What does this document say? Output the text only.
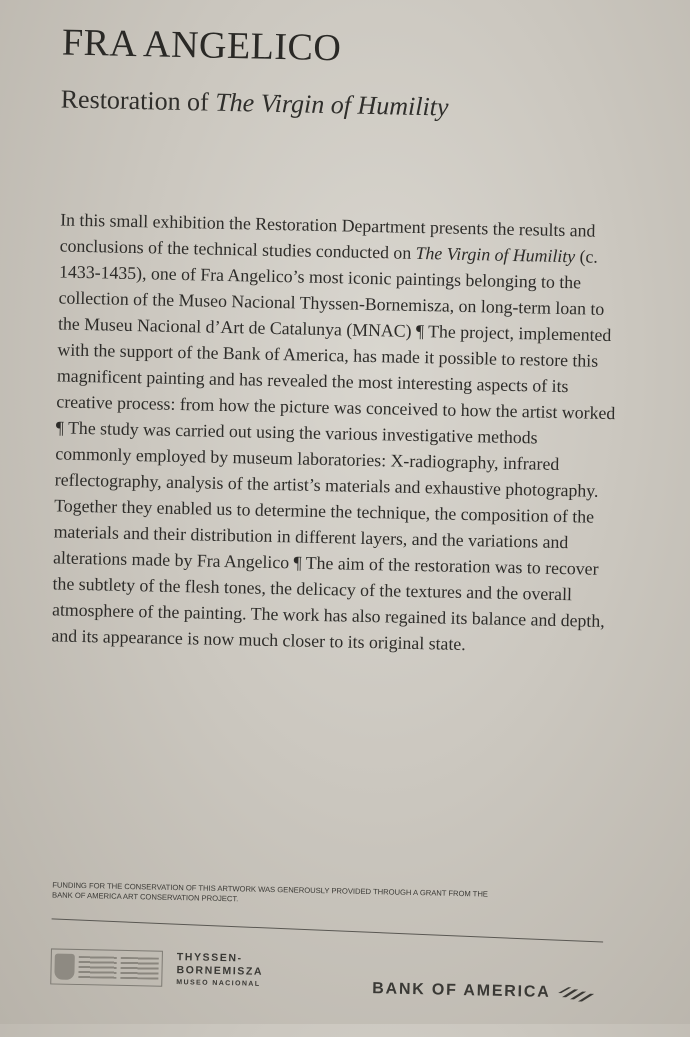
FRA ANGELICO
Restoration of The Virgin of Humility

In this small exhibition the Restoration Department presents the results and conclusions of the technical studies conducted on The Virgin of Humility (c. 1433-1435), one of Fra Angelico’s most iconic paintings belonging to the collection of the Museo Nacional Thyssen-Bornemisza, on long-term loan to the Museu Nacional d’Art de Catalunya (MNAC) ¶ The project, implemented with the support of the Bank of America, has made it possible to restore this magnificent painting and has revealed the most interesting aspects of its creative process: from how the picture was conceived to how the artist worked ¶ The study was carried out using the various investigative methods commonly employed by museum laboratories: X-radiography, infrared reflectography, analysis of the artist’s materials and exhaustive photography. Together they enabled us to determine the technique, the composition of the materials and their distribution in different layers, and the variations and alterations made by Fra Angelico ¶ The aim of the restoration was to recover the subtlety of the flesh tones, the delicacy of the textures and the overall atmosphere of the painting. The work has also regained its balance and depth, and its appearance is now much closer to its original state.

FUNDING FOR THE CONSERVATION OF THIS ARTWORK WAS GENEROUSLY PROVIDED THROUGH A GRANT FROM THE BANK OF AMERICA ART CONSERVATION PROJECT.

THYSSEN-
BORNEMISZA
MUSEO NACIONAL	BANK OF AMERICA
